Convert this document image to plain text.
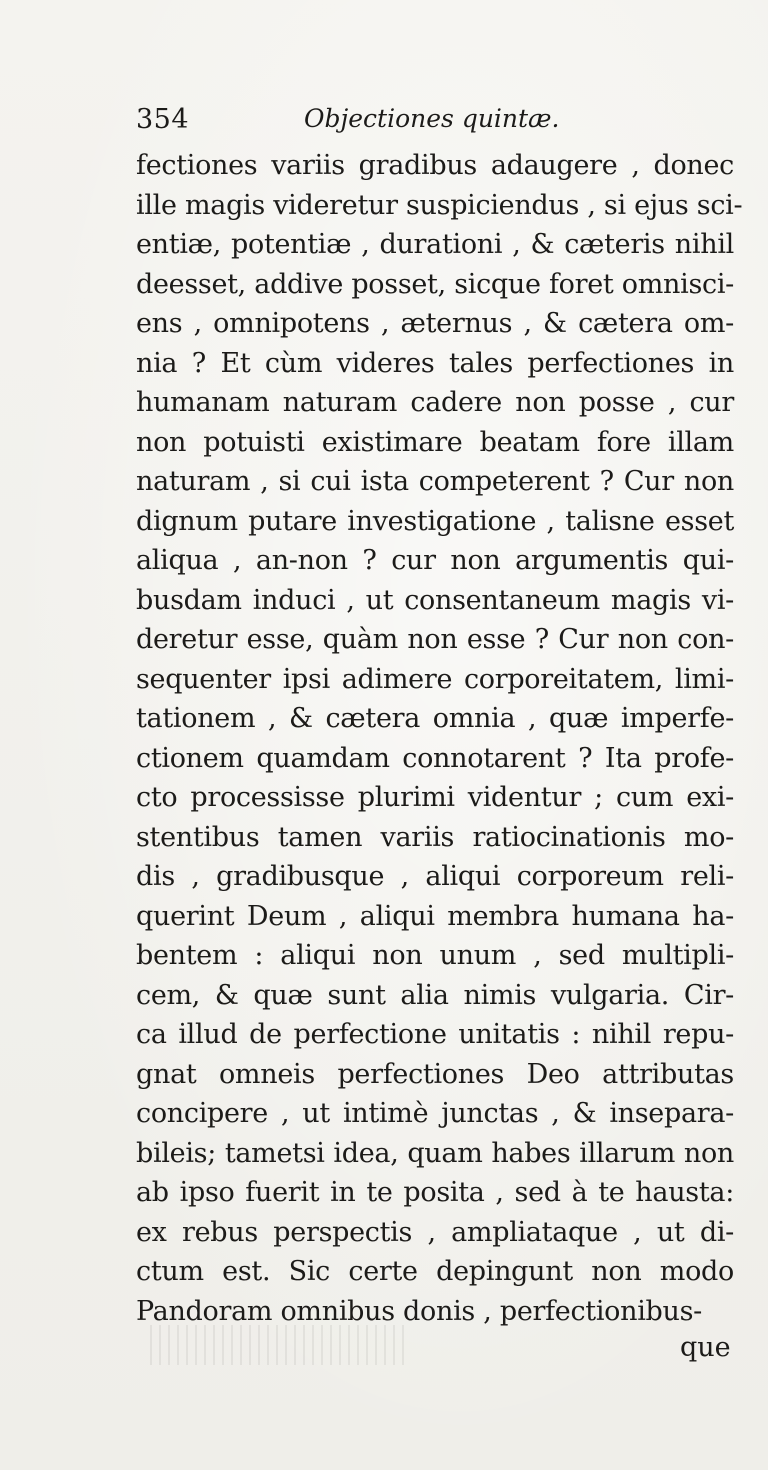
354	Objectiones quintæ.
fectiones variis gradibus adaugere , donec
ille magis videretur suspiciendus , si ejus sci-
entiæ, potentiæ , durationi , & cæteris nihil
deesset, addive posset, sicque foret omnisci-
ens , omnipotens , æternus , & cætera om-
nia ? Et cùm videres tales perfectiones in
humanam naturam cadere non posse , cur
non potuisti existimare beatam fore illam
naturam , si cui ista competerent ? Cur non
dignum putare investigatione , talisne esset
aliqua , an-non ? cur non argumentis qui-
busdam induci , ut consentaneum magis vi-
deretur esse, quàm non esse ? Cur non con-
sequenter ipsi adimere corporeitatem, limi-
tationem , & cætera omnia , quæ imperfe-
ctionem quamdam connotarent ? Ita profe-
cto processisse plurimi videntur ; cum exi-
stentibus tamen variis ratiocinationis mo-
dis , gradibusque , aliqui corporeum reli-
querint Deum , aliqui membra humana ha-
bentem : aliqui non unum , sed multipli-
cem, & quæ sunt alia nimis vulgaria. Cir-
ca illud de perfectione unitatis : nihil repu-
gnat omneis perfectiones Deo attributas
concipere , ut intimè junctas , & insepara-
bileis; tametsi idea, quam habes illarum non
ab ipso fuerit in te posita , sed à te hausta:
ex rebus perspectis , ampliataque , ut di-
ctum est. Sic certe depingunt non modo
Pandoram omnibus donis , perfectionibus-
que
